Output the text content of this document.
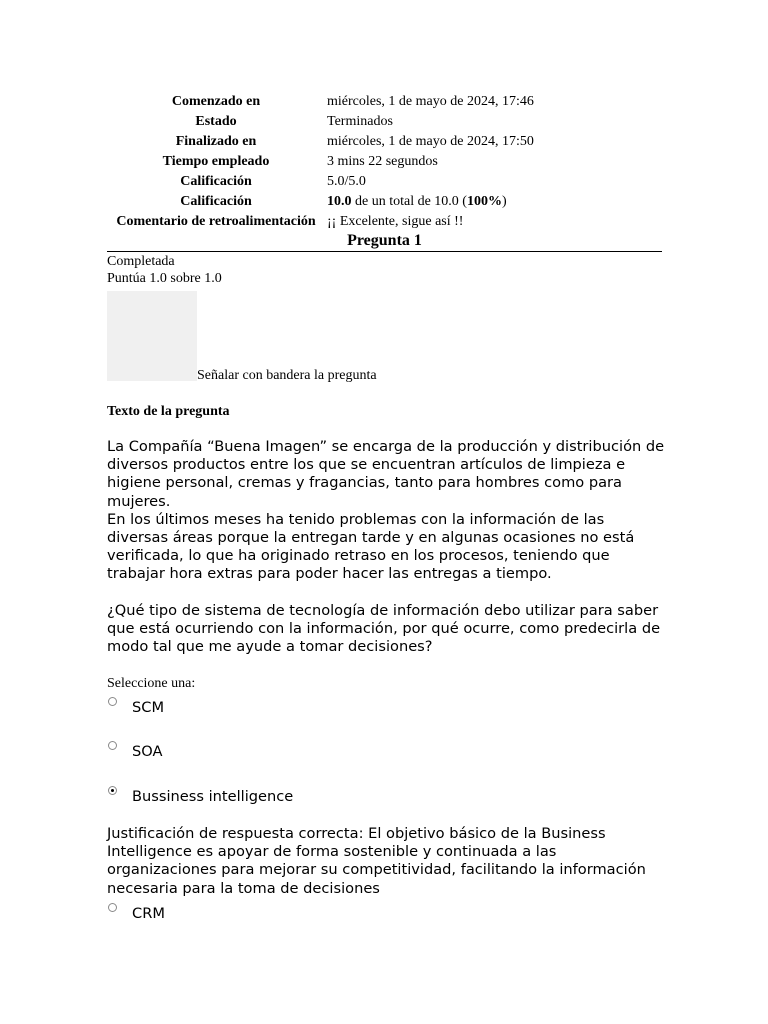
Comenzado en	miércoles, 1 de mayo de 2024, 17:46
Estado	Terminados
Finalizado en	miércoles, 1 de mayo de 2024, 17:50
Tiempo empleado	3 mins 22 segundos
Calificación	5.0/5.0
Calificación	10.0 de un total de 10.0 (100%)
Comentario de retroalimentación	¡¡ Excelente, sigue así !!
Pregunta 1
Completada
Puntúa 1.0 sobre 1.0
Señalar con bandera la pregunta
Texto de la pregunta

La Compañía “Buena Imagen” se encarga de la producción y distribución de diversos productos entre los que se encuentran artículos de limpieza e higiene personal, cremas y fragancias, tanto para hombres como para mujeres.

En los últimos meses ha tenido problemas con la información de las diversas áreas porque la entregan tarde y en algunas ocasiones no está verificada, lo que ha originado retraso en los procesos, teniendo que trabajar hora extras para poder hacer las entregas a tiempo.

¿Qué tipo de sistema de tecnología de información debo utilizar para saber que está ocurriendo con la información, por qué ocurre, como predecirla de modo tal que me ayude a tomar decisiones?

Seleccione una:
SCM
SOA
Bussiness intelligence
Justificación de respuesta correcta: El objetivo básico de la Business Intelligence es apoyar de forma sostenible y continuada a las organizaciones para mejorar su competitividad, facilitando la información necesaria para la toma de decisiones
CRM
